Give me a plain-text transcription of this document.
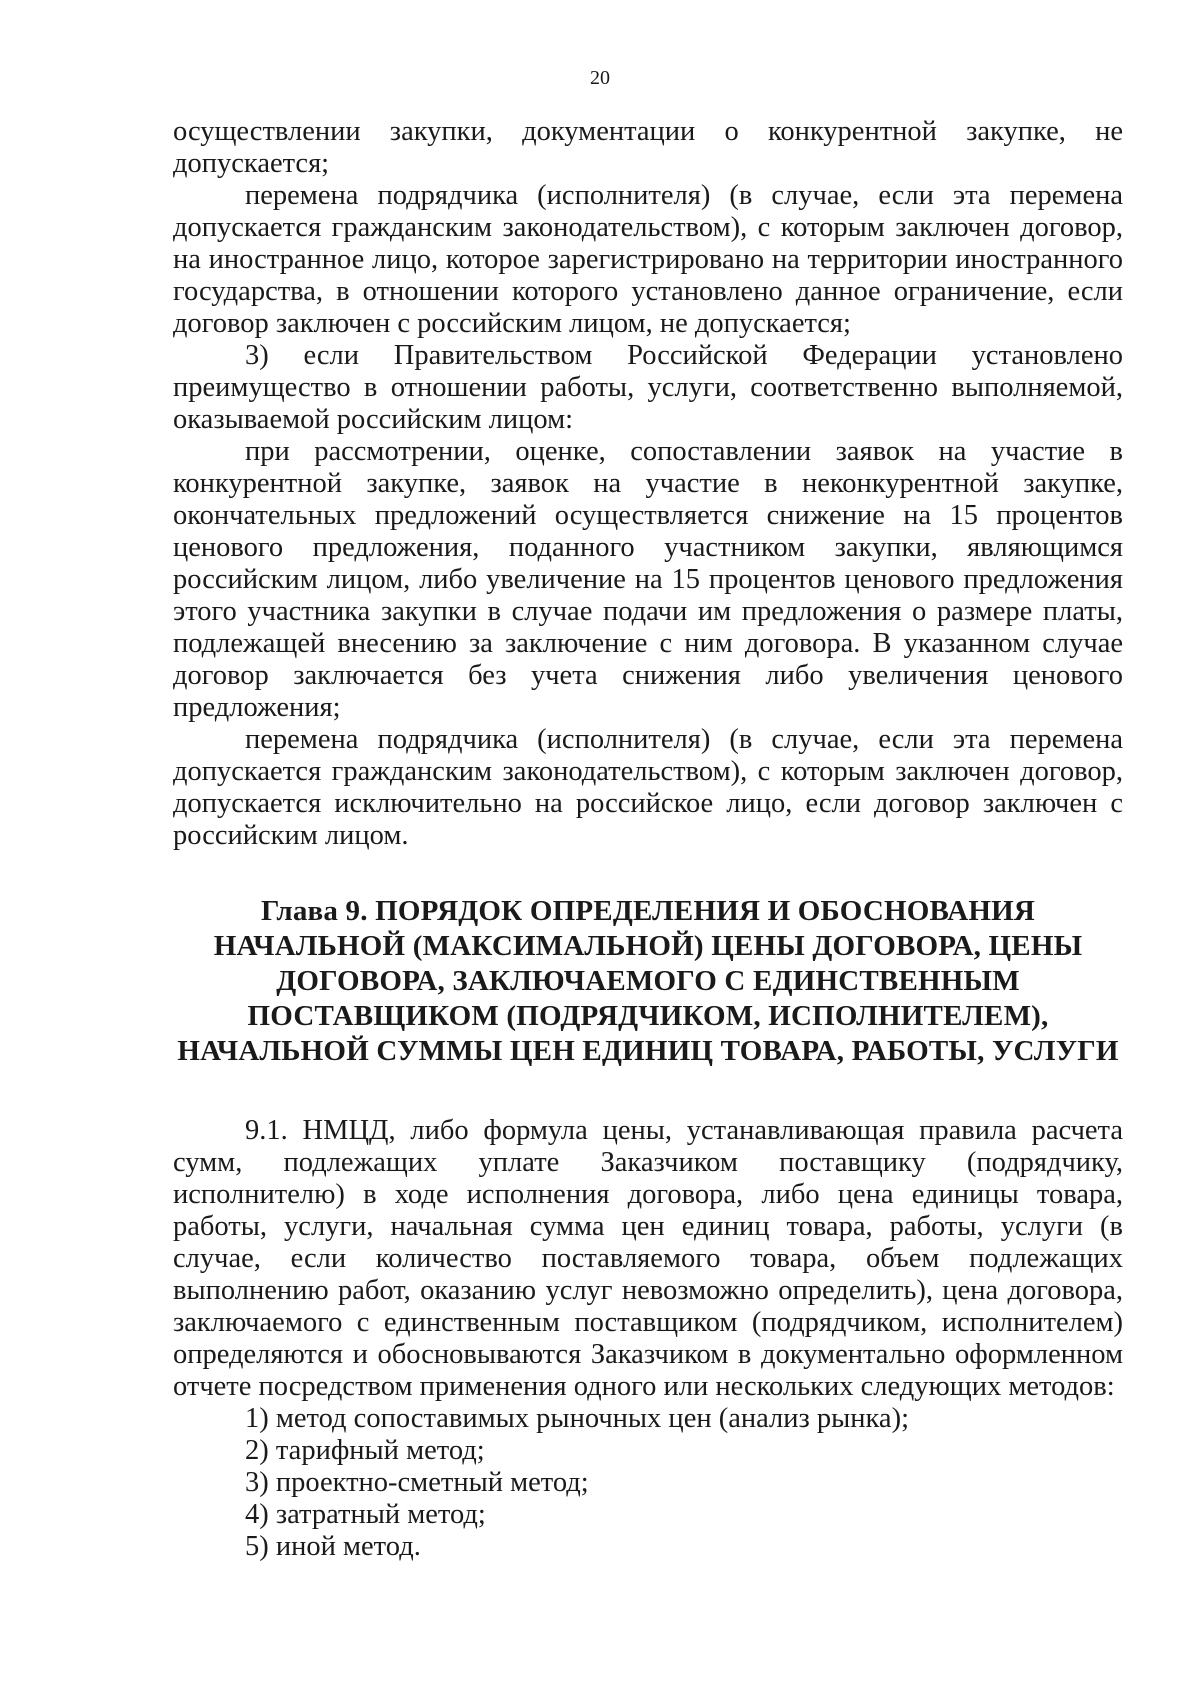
20

осуществлении закупки, документации о конкурентной закупке, не допускается;

перемена подрядчика (исполнителя) (в случае, если эта перемена допускается гражданским законодательством), с которым заключен договор, на иностранное лицо, которое зарегистрировано на территории иностранного государства, в отношении которого установлено данное ограничение, если договор заключен с российским лицом, не допускается;

3) если Правительством Российской Федерации установлено преимущество в отношении работы, услуги, соответственно выполняемой, оказываемой российским лицом:

при рассмотрении, оценке, сопоставлении заявок на участие в конкурентной закупке, заявок на участие в неконкурентной закупке, окончательных предложений осуществляется снижение на 15 процентов ценового предложения, поданного участником закупки, являющимся российским лицом, либо увеличение на 15 процентов ценового предложения этого участника закупки в случае подачи им предложения о размере платы, подлежащей внесению за заключение с ним договора. В указанном случае договор заключается без учета снижения либо увеличения ценового предложения;

перемена подрядчика (исполнителя) (в случае, если эта перемена допускается гражданским законодательством), с которым заключен договор, допускается исключительно на российское лицо, если договор заключен с российским лицом.

Глава 9. ПОРЯДОК ОПРЕДЕЛЕНИЯ И ОБОСНОВАНИЯ
НАЧАЛЬНОЙ (МАКСИМАЛЬНОЙ) ЦЕНЫ ДОГОВОРА, ЦЕНЫ
ДОГОВОРА, ЗАКЛЮЧАЕМОГО С ЕДИНСТВЕННЫМ
ПОСТАВЩИКОМ (ПОДРЯДЧИКОМ, ИСПОЛНИТЕЛЕМ),
НАЧАЛЬНОЙ СУММЫ ЦЕН ЕДИНИЦ ТОВАРА, РАБОТЫ, УСЛУГИ

9.1. НМЦД, либо формула цены, устанавливающая правила расчета сумм, подлежащих уплате Заказчиком поставщику (подрядчику, исполнителю) в ходе исполнения договора, либо цена единицы товара, работы, услуги, начальная сумма цен единиц товара, работы, услуги (в случае, если количество поставляемого товара, объем подлежащих выполнению работ, оказанию услуг невозможно определить), цена договора, заключаемого с единственным поставщиком (подрядчиком, исполнителем) определяются и обосновываются Заказчиком в документально оформленном отчете посредством применения одного или нескольких следующих методов:

1) метод сопоставимых рыночных цен (анализ рынка);

2) тарифный метод;

3) проектно-сметный метод;

4) затратный метод;

5) иной метод.
